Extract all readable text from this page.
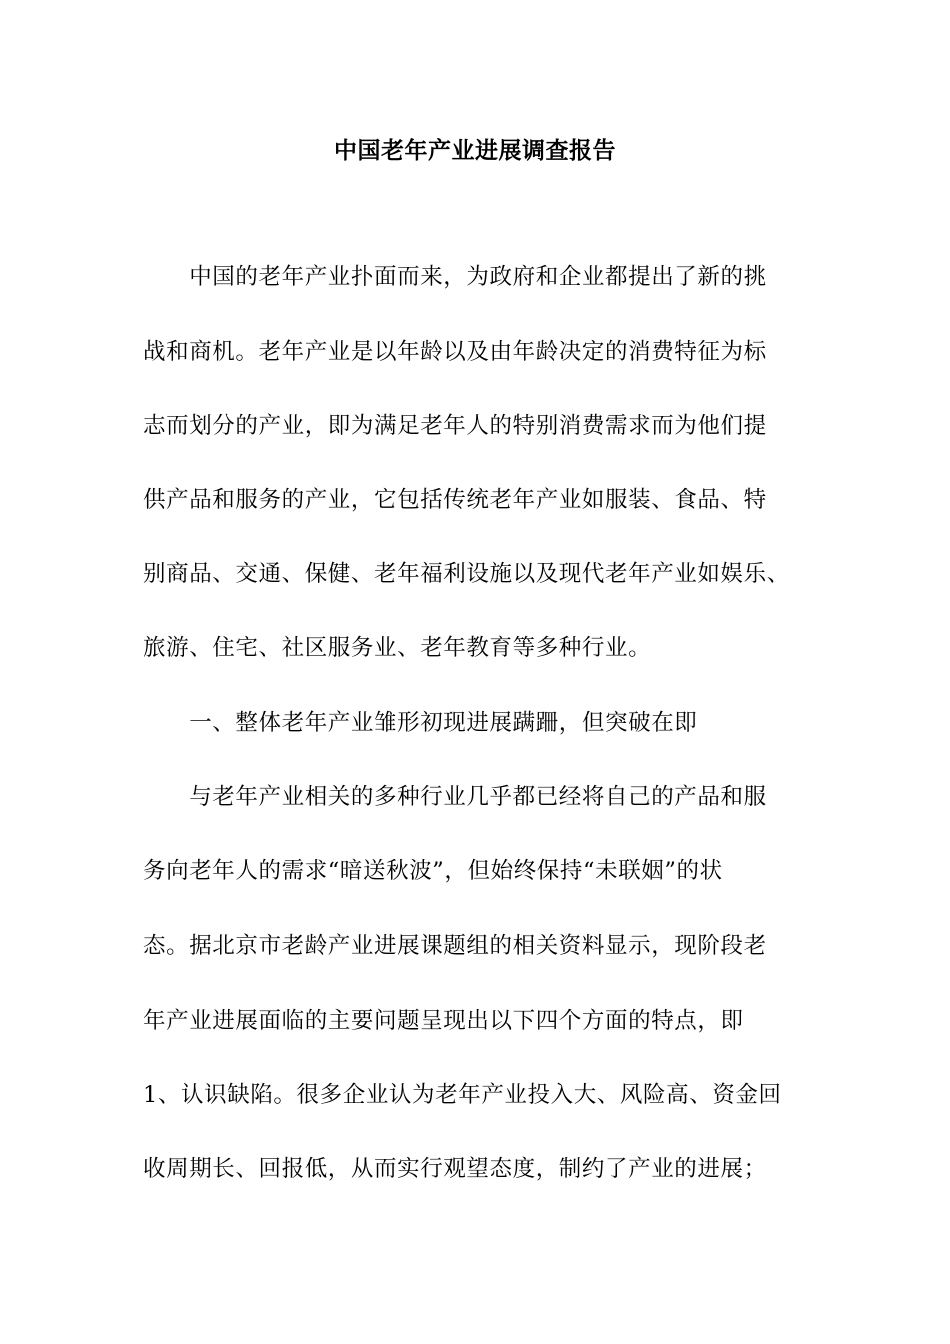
中国老年产业进展调查报告
　　中国的老年产业扑面而来，为政府和企业都提出了新的挑
战和商机。老年产业是以年龄以及由年龄决定的消费特征为标
志而划分的产业，即为满足老年人的特别消费需求而为他们提
供产品和服务的产业，它包括传统老年产业如服装、食品、特
别商品、交通、保健、老年福利设施以及现代老年产业如娱乐、
旅游、住宅、社区服务业、老年教育等多种行业。
　　一、整体老年产业雏形初现进展蹒跚，但突破在即
　　与老年产业相关的多种行业几乎都已经将自己的产品和服
务向老年人的需求“暗送秋波”，但始终保持“未联姻”的状
态。据北京市老龄产业进展课题组的相关资料显示，现阶段老
年产业进展面临的主要问题呈现出以下四个方面的特点，即
1、认识缺陷。很多企业认为老年产业投入大、风险高、资金回
收周期长、回报低，从而实行观望态度，制约了产业的进展；
